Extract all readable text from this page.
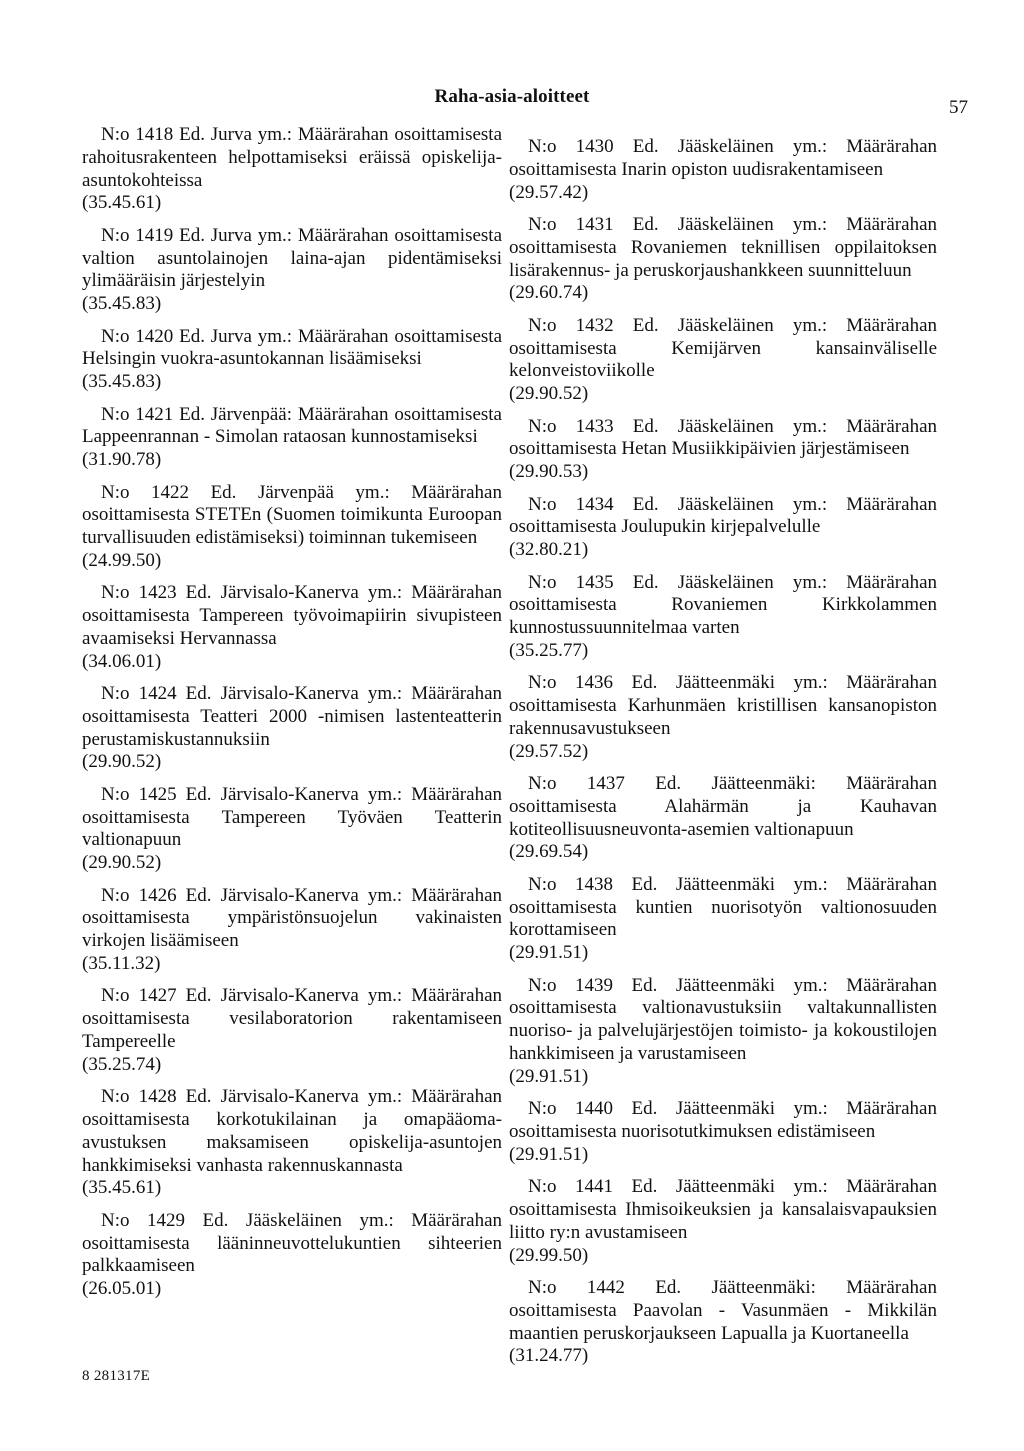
Raha-asia-aloitteet
57
N:o 1418 Ed. Jurva ym.: Määrärahan osoittamisesta rahoitusrakenteen helpottamiseksi eräissä opiskelija-asuntokohteissa
(35.45.61)
N:o 1419 Ed. Jurva ym.: Määrärahan osoittamisesta valtion asuntolainojen laina-ajan pidentämiseksi ylimääräisin järjestelyin
(35.45.83)
N:o 1420 Ed. Jurva ym.: Määrärahan osoittamisesta Helsingin vuokra-asuntokannan lisäämiseksi
(35.45.83)
N:o 1421 Ed. Järvenpää: Määrärahan osoittamisesta Lappeenrannan - Simolan rataosan kunnostamiseksi
(31.90.78)
N:o 1422 Ed. Järvenpää ym.: Määrärahan osoittamisesta STETEn (Suomen toimikunta Euroopan turvallisuuden edistämiseksi) toiminnan tukemiseen
(24.99.50)
N:o 1423 Ed. Järvisalo-Kanerva ym.: Määrärahan osoittamisesta Tampereen työvoimapiirin sivupisteen avaamiseksi Hervannassa
(34.06.01)
N:o 1424 Ed. Järvisalo-Kanerva ym.: Määrärahan osoittamisesta Teatteri 2000 -nimisen lastenteatterin perustamiskustannuksiin
(29.90.52)
N:o 1425 Ed. Järvisalo-Kanerva ym.: Määrärahan osoittamisesta Tampereen Työväen Teatterin valtionapuun
(29.90.52)
N:o 1426 Ed. Järvisalo-Kanerva ym.: Määrärahan osoittamisesta ympäristönsuojelun vakinaisten virkojen lisäämiseen
(35.11.32)
N:o 1427 Ed. Järvisalo-Kanerva ym.: Määrärahan osoittamisesta vesilaboratorion rakentamiseen Tampereelle
(35.25.74)
N:o 1428 Ed. Järvisalo-Kanerva ym.: Määrärahan osoittamisesta korkotukilainan ja omapääoma-avustuksen maksamiseen opiskelija-asuntojen hankkimiseksi vanhasta rakennuskannasta
(35.45.61)
N:o 1429 Ed. Jääskeläinen ym.: Määrärahan osoittamisesta lääninneuvottelukuntien sihteerien palkkaamiseen
(26.05.01)
N:o 1430 Ed. Jääskeläinen ym.: Määrärahan osoittamisesta Inarin opiston uudisrakentamiseen
(29.57.42)
N:o 1431 Ed. Jääskeläinen ym.: Määrärahan osoittamisesta Rovaniemen teknillisen oppilaitoksen lisärakennus- ja peruskorjaushankkeen suunnitteluun
(29.60.74)
N:o 1432 Ed. Jääskeläinen ym.: Määrärahan osoittamisesta Kemijärven kansainväliselle kelonveistoviikolle
(29.90.52)
N:o 1433 Ed. Jääskeläinen ym.: Määrärahan osoittamisesta Hetan Musiikkipäivien järjestämiseen
(29.90.53)
N:o 1434 Ed. Jääskeläinen ym.: Määrärahan osoittamisesta Joulupukin kirjepalvelulle
(32.80.21)
N:o 1435 Ed. Jääskeläinen ym.: Määrärahan osoittamisesta Rovaniemen Kirkkolammen kunnostussuunnitelmaa varten
(35.25.77)
N:o 1436 Ed. Jäätteenmäki ym.: Määrärahan osoittamisesta Karhunmäen kristillisen kansanopiston rakennusavustukseen
(29.57.52)
N:o 1437 Ed. Jäätteenmäki: Määrärahan osoittamisesta Alahärmän ja Kauhavan kotiteollisuusneuvonta-asemien valtionapuun
(29.69.54)
N:o 1438 Ed. Jäätteenmäki ym.: Määrärahan osoittamisesta kuntien nuorisotyön valtionosuuden korottamiseen
(29.91.51)
N:o 1439 Ed. Jäätteenmäki ym.: Määrärahan osoittamisesta valtionavustuksiin valtakunnallisten nuoriso- ja palvelujärjestöjen toimisto- ja kokoustilojen hankkimiseen ja varustamiseen
(29.91.51)
N:o 1440 Ed. Jäätteenmäki ym.: Määrärahan osoittamisesta nuorisotutkimuksen edistämiseen
(29.91.51)
N:o 1441 Ed. Jäätteenmäki ym.: Määrärahan osoittamisesta Ihmisoikeuksien ja kansalaisvapauksien liitto ry:n avustamiseen
(29.99.50)
N:o 1442 Ed. Jäätteenmäki: Määrärahan osoittamisesta Paavolan - Vasunmäen - Mikkilän maantien peruskorjaukseen Lapualla ja Kuortaneella
(31.24.77)
8 281317E
